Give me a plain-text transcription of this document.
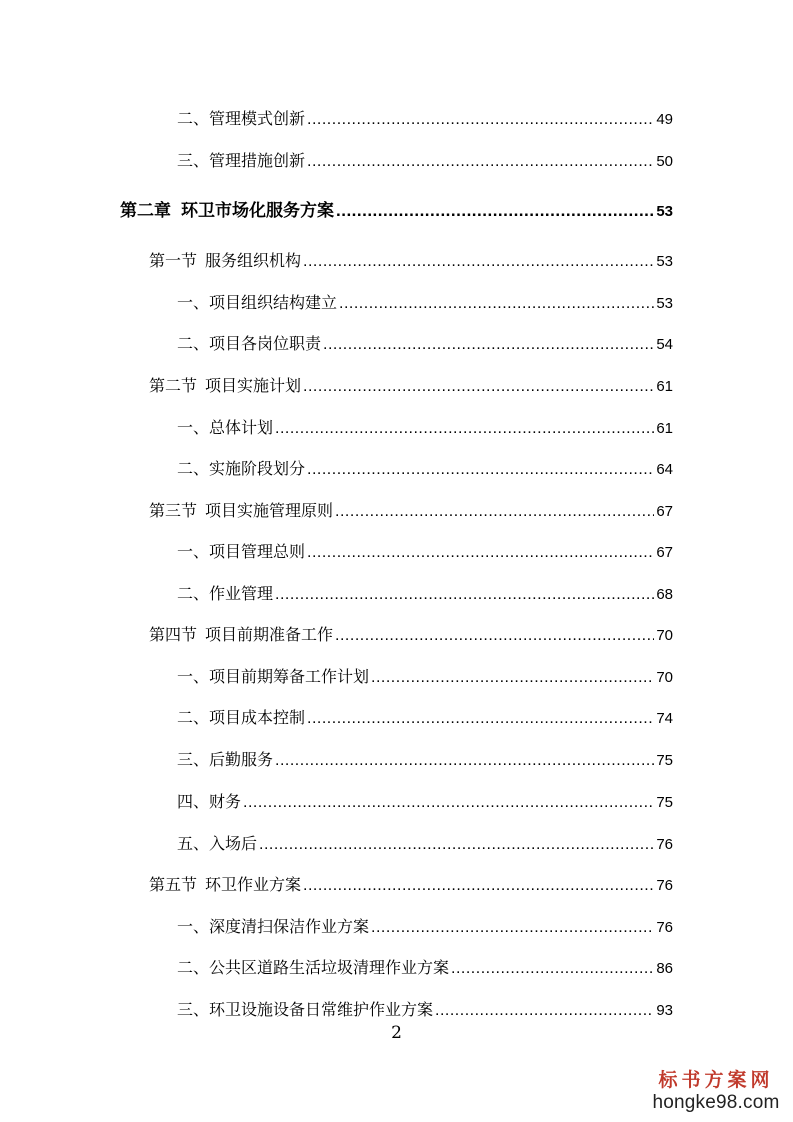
二、管理模式创新 .....	49
三、管理措施创新 .....	50
第二章 环卫市场化服务方案 .....	53
第一节 服务组织机构 .....	53
一、项目组织结构建立 .....	53
二、项目各岗位职责 .....	54
第二节 项目实施计划 .....	61
一、总体计划 .....	61
二、实施阶段划分 .....	64
第三节 项目实施管理原则 .....	67
一、项目管理总则 .....	67
二、作业管理 .....	68
第四节 项目前期准备工作 .....	70
一、项目前期筹备工作计划 .....	70
二、项目成本控制 .....	74
三、后勤服务 .....	75
四、财务 .....	75
五、入场后 .....	76
第五节 环卫作业方案 .....	76
一、深度清扫保洁作业方案 .....	76
二、公共区道路生活垃圾清理作业方案 .....	86
三、环卫设施设备日常维护作业方案 .....	93
2
标书方案网
hongke98.com
